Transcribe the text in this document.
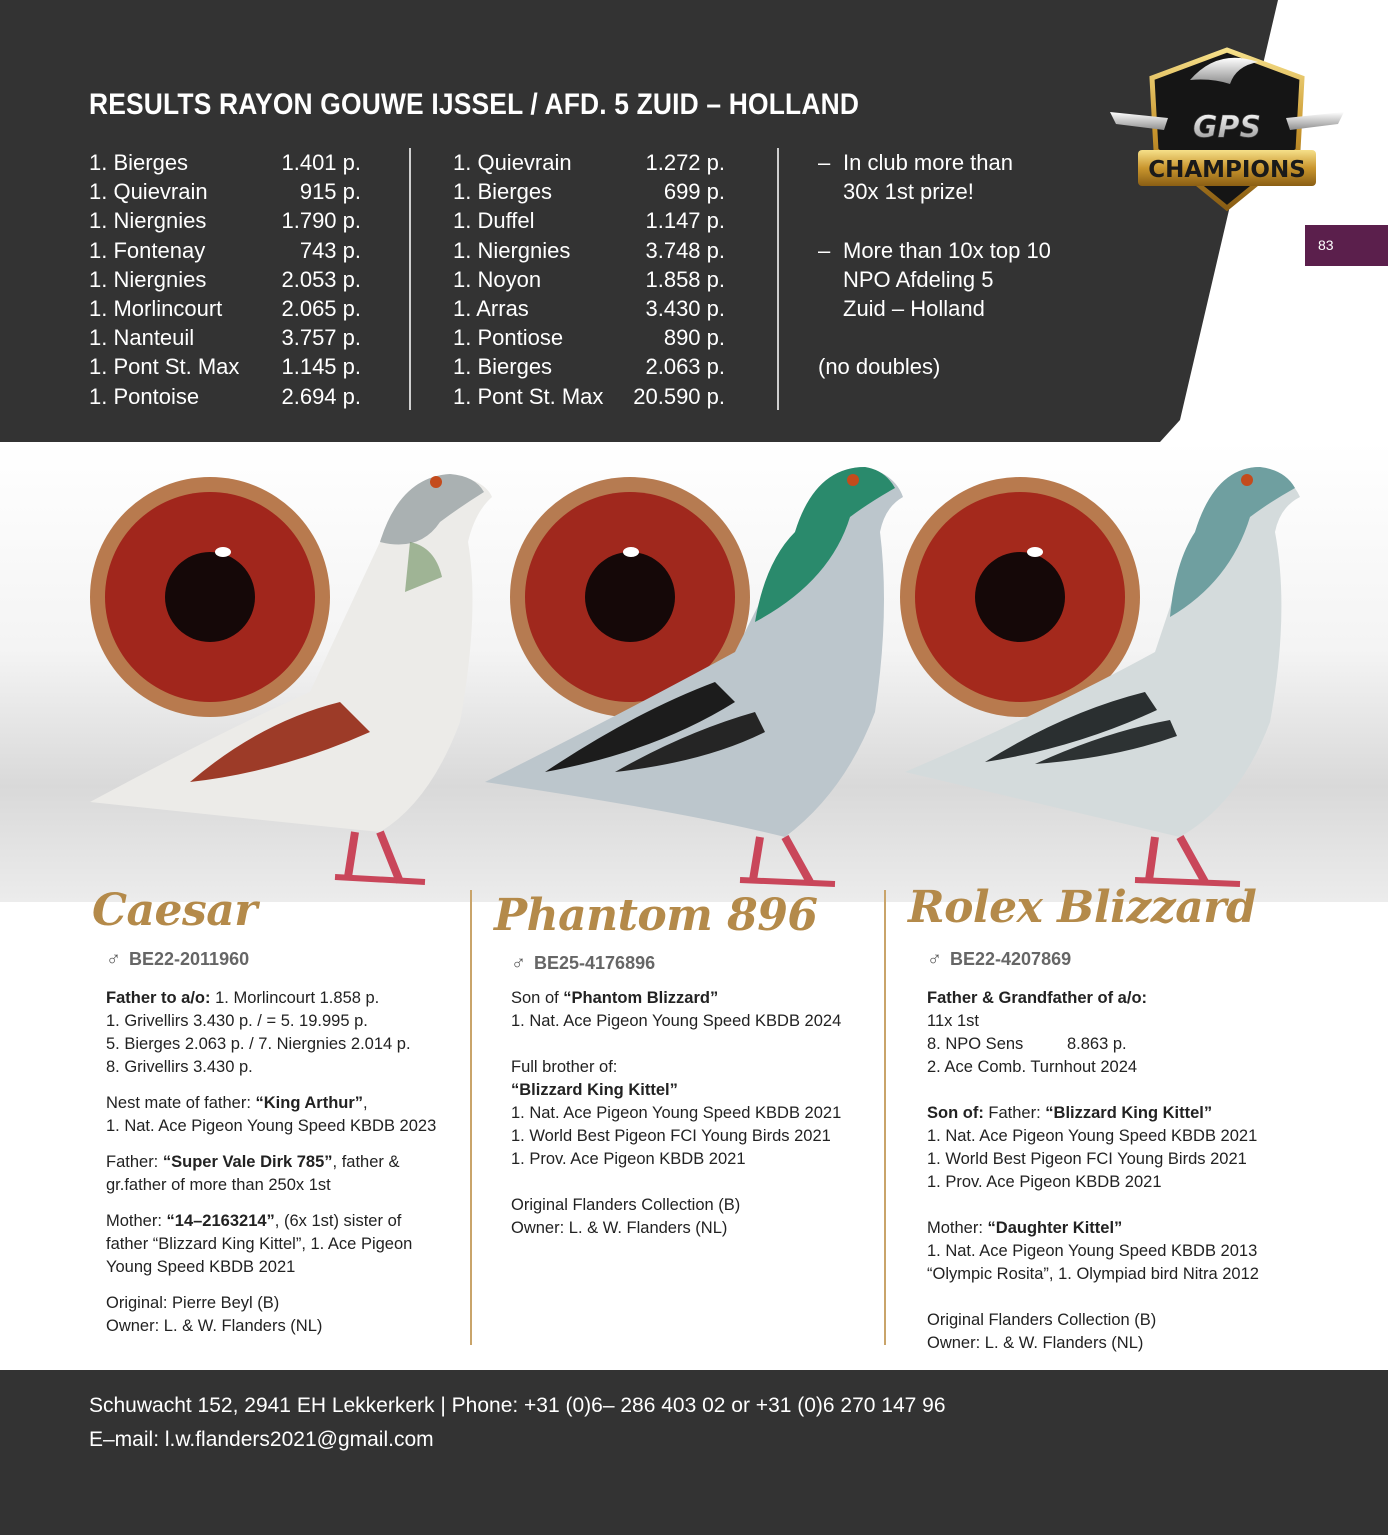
RESULTS RAYON GOUWE IJSSEL / AFD. 5 ZUID – HOLLAND
1. Bierges	1.401 p.
1. Quievrain	915 p.
1. Niergnies	1.790 p.
1. Fontenay	743 p.
1. Niergnies	2.053 p.
1. Morlincourt	2.065 p.
1. Nanteuil	3.757 p.
1. Pont St. Max 1.145 p.
1. Pontoise	2.694 p.
1. Quievrain	1.272 p.
1. Bierges	699 p.
1. Duffel	1.147 p.
1. Niergnies	3.748 p.
1. Noyon	1.858 p.
1. Arras	3.430 p.
1. Pontiose	890 p.
1. Bierges	2.063 p.
1. Pont St. Max 20.590 p.
– In club more than
30x 1st prize!
– More than 10x top 10
NPO Afdeling 5
Zuid – Holland
(no doubles)
GPS
CHAMPIONS
83
Caesar
♂ BE22-2011960

Father to a/o: 1. Morlincourt 1.858 p.

1. Grivellirs 3.430 p. / = 5. 19.995 p.

5. Bierges 2.063 p. / 7. Niergnies 2.014 p.

8. Grivellirs 3.430 p.

Nest mate of father: “King Arthur”,

1. Nat. Ace Pigeon Young Speed KBDB 2023

Father: “Super Vale Dirk 785”, father &

gr.father of more than 250x 1st

Mother: “14–2163214”, (6x 1st) sister of

father “Blizzard King Kittel”, 1. Ace Pigeon

Young Speed KBDB 2021

Original: Pierre Beyl (B)

Owner: L. & W. Flanders (NL)

Phantom 896
♂ BE25-4176896

Son of “Phantom Blizzard”

1. Nat. Ace Pigeon Young Speed KBDB 2024

Full brother of:

“Blizzard King Kittel”

1. Nat. Ace Pigeon Young Speed KBDB 2021

1. World Best Pigeon FCI Young Birds 2021

1. Prov. Ace Pigeon KBDB 2021

Original Flanders Collection (B)

Owner: L. & W. Flanders (NL)

Rolex Blizzard
♂ BE22-4207869

Father & Grandfather of a/o:

11x 1st

8. NPO Sens	8.863 p.

2. Ace Comb. Turnhout 2024

Son of: Father: “Blizzard King Kittel”

1. Nat. Ace Pigeon Young Speed KBDB 2021

1. World Best Pigeon FCI Young Birds 2021

1. Prov. Ace Pigeon KBDB 2021

Mother: “Daughter Kittel”

1. Nat. Ace Pigeon Young Speed KBDB 2013

“Olympic Rosita”, 1. Olympiad bird Nitra 2012

Original Flanders Collection (B)

Owner: L. & W. Flanders (NL)

Schuwacht 152, 2941 EH Lekkerkerk | Phone: +31 (0)6– 286 403 02 or +31 (0)6 270 147 96
E–mail: l.w.flanders2021@gmail.com
